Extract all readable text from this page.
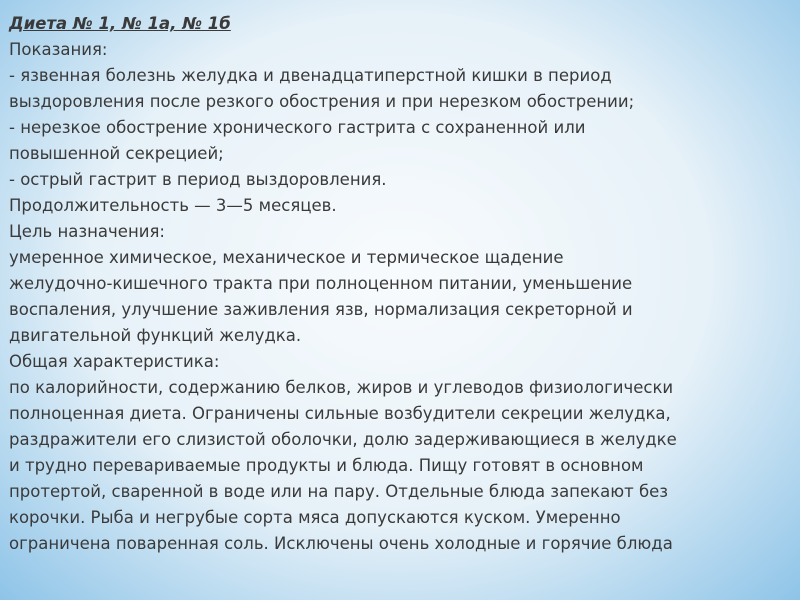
Диета № 1, № 1а, № 1б

Показания:

- язвенная болезнь желудка и двенадцатиперстной кишки в период

выздоровления после резкого обострения и при нерезком обострении;

- нерезкое обострение хронического гастрита с сохраненной или

повышенной секрецией;

- острый гастрит в период выздоровления.

Продолжительность — 3—5 месяцев.

Цель назначения:

умеренное химическое, механическое и термическое щадение

желудочно-кишечного тракта при полноценном питании, уменьшение

воспаления, улучшение заживления язв, нормализация секреторной и

двигательной функций желудка.

Общая характеристика:

по калорийности, содержанию белков, жиров и углеводов физиологически

полноценная диета. Ограничены сильные возбудители секреции желудка,

раздражители его слизистой оболочки, долю задерживающиеся в желудке

и трудно перевариваемые продукты и блюда. Пищу готовят в основном

протертой, сваренной в воде или на пару. Отдельные блюда запекают без

корочки. Рыба и негрубые сорта мяса допускаются куском. Умеренно

ограничена поваренная соль. Исключены очень холодные и горячие блюда
